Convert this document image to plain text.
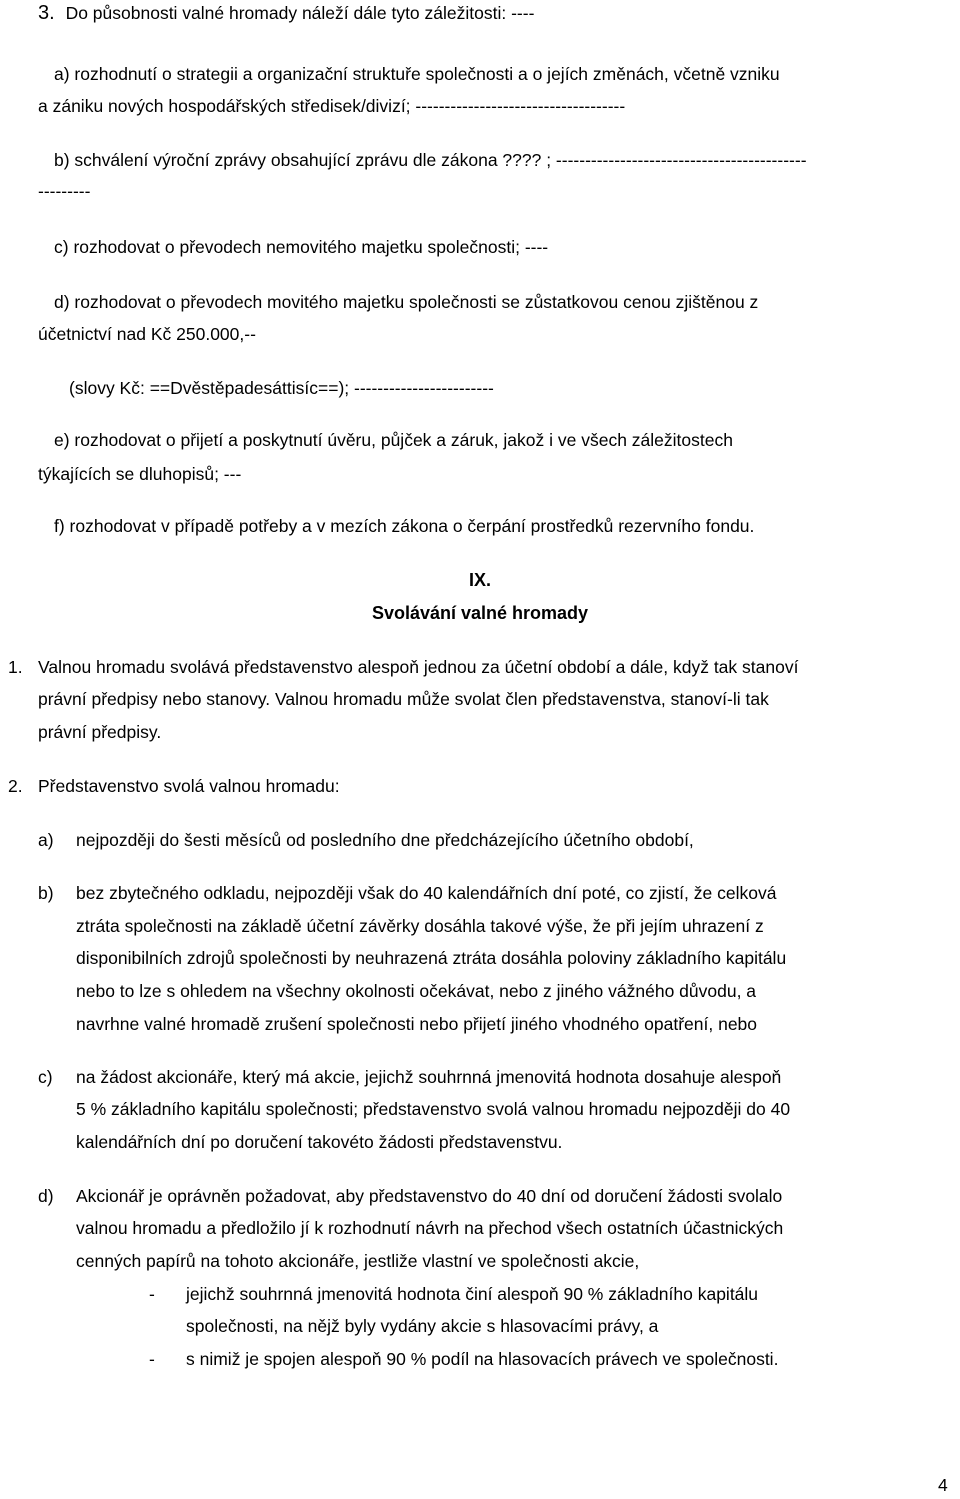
3. Do působnosti valné hromady náleží dále tyto záležitosti: ----
a) rozhodnutí o strategii a organizační struktuře společnosti a o jejích změnách, včetně vzniku
a zániku nových hospodářských středisek/divizí; ------------------------------------
b) schválení výroční zprávy obsahující zprávu dle zákona ???? ; -------------------------------------------
---------
c) rozhodovat o převodech nemovitého majetku společnosti; ----
d) rozhodovat o převodech movitého majetku společnosti se zůstatkovou cenou zjištěnou z
účetnictví nad Kč 250.000,--
(slovy Kč: ==Dvěstěpadesáttisíc==); ------------------------
e) rozhodovat o přijetí a poskytnutí úvěru, půjček a záruk, jakož i ve všech záležitostech
týkajících se dluhopisů; ---
f) rozhodovat v případě potřeby a v mezích zákona o čerpání prostředků rezervního fondu.
IX.
Svolávání valné hromady
1. Valnou hromadu svolává představenstvo alespoň jednou za účetní období a dále, když tak stanoví
právní předpisy nebo stanovy. Valnou hromadu může svolat člen představenstva, stanoví-li tak
právní předpisy.
2. Představenstvo svolá valnou hromadu:
a) nejpozději do šesti měsíců od posledního dne předcházejícího účetního období,
b) bez zbytečného odkladu, nejpozději však do 40 kalendářních dní poté, co zjistí, že celková
ztráta společnosti na základě účetní závěrky dosáhla takové výše, že při jejím uhrazení z
disponibilních zdrojů společnosti by neuhrazená ztráta dosáhla poloviny základního kapitálu
nebo to lze s ohledem na všechny okolnosti očekávat, nebo z jiného vážného důvodu, a
navrhne valné hromadě zrušení společnosti nebo přijetí jiného vhodného opatření, nebo
c) na žádost akcionáře, který má akcie, jejichž souhrnná jmenovitá hodnota dosahuje alespoň
5 % základního kapitálu společnosti; představenstvo svolá valnou hromadu nejpozději do 40
kalendářních dní po doručení takovéto žádosti představenstvu.
d) Akcionář je oprávněn požadovat, aby představenstvo do 40 dní od doručení žádosti svolalo
valnou hromadu a předložilo jí k rozhodnutí návrh na přechod všech ostatních účastnických
cenných papírů na tohoto akcionáře, jestliže vlastní ve společnosti akcie,
- jejichž souhrnná jmenovitá hodnota činí alespoň 90 % základního kapitálu
společnosti, na nějž byly vydány akcie s hlasovacími právy, a
- s nimiž je spojen alespoň 90 % podíl na hlasovacích právech ve společnosti.
4
